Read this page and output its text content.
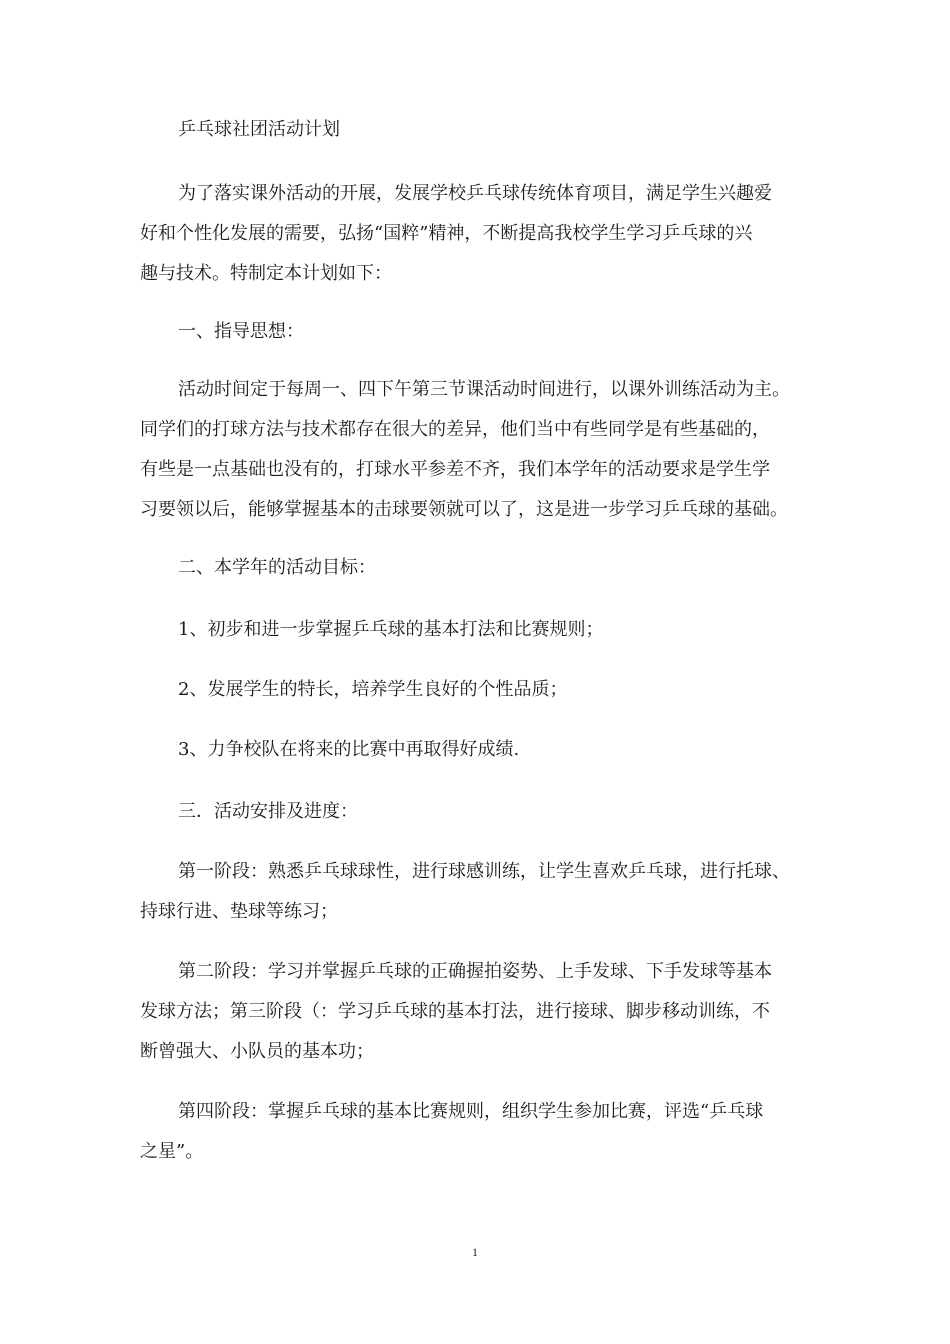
乒乓球社团活动计划

为了落实课外活动的开展，发展学校乒乓球传统体育项目，满足学生兴趣爱
好和个性化发展的需要，弘扬“国粹”精神，不断提高我校学生学习乒乓球的兴
趣与技术。特制定本计划如下：

一、指导思想：

活动时间定于每周一、四下午第三节课活动时间进行，以课外训练活动为主。
同学们的打球方法与技术都存在很大的差异，他们当中有些同学是有些基础的，
有些是一点基础也没有的，打球水平参差不齐，我们本学年的活动要求是学生学
习要领以后，能够掌握基本的击球要领就可以了，这是进一步学习乒乓球的基础。

二、本学年的活动目标：

1、初步和进一步掌握乒乓球的基本打法和比赛规则；

2、发展学生的特长，培养学生良好的个性品质；

3、力争校队在将来的比赛中再取得好成绩.

三．活动安排及进度：

第一阶段：熟悉乒乓球球性，进行球感训练，让学生喜欢乒乓球，进行托球、
持球行进、垫球等练习；

第二阶段：学习并掌握乒乓球的正确握拍姿势、上手发球、下手发球等基本
发球方法；第三阶段（：学习乒乓球的基本打法，进行接球、脚步移动训练，不
断曾强大、小队员的基本功；

第四阶段：掌握乒乓球的基本比赛规则，组织学生参加比赛，评选“乒乓球
之星”。

1
